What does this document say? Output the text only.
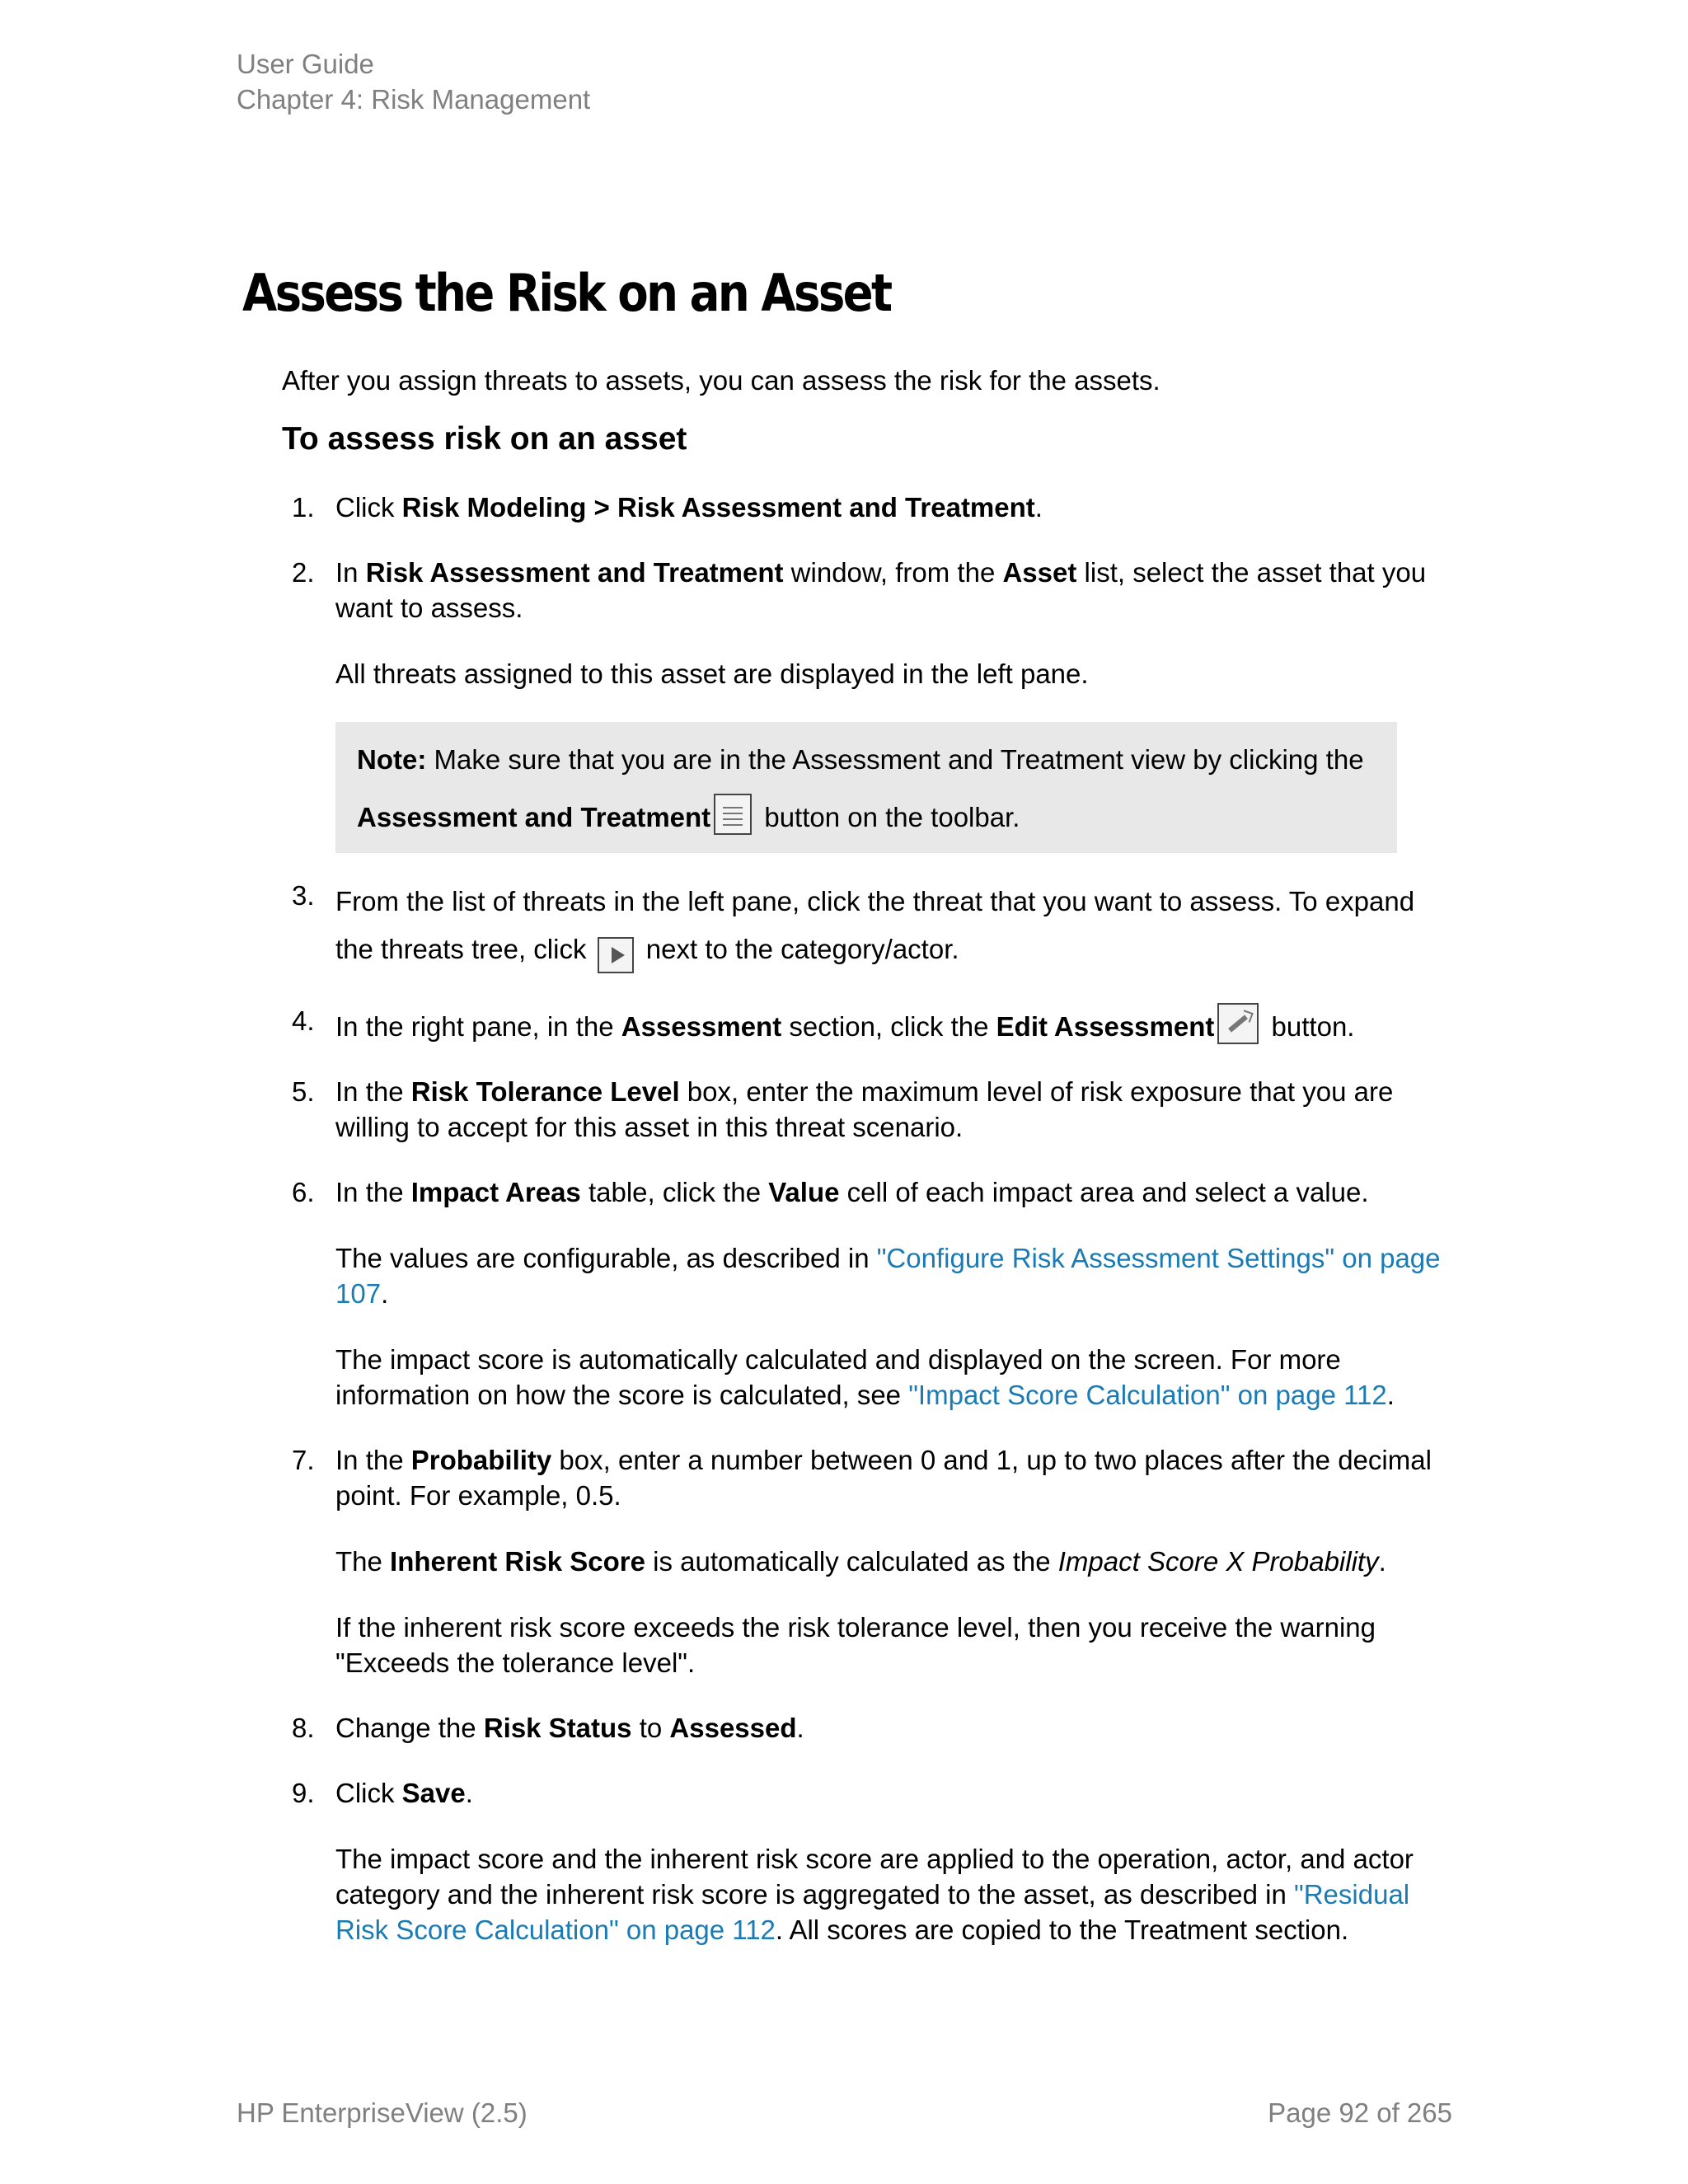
User Guide
Chapter 4: Risk Management
Assess the Risk on an Asset

After you assign threats to assets, you can assess the risk for the assets.

To assess risk on an asset
1. Click Risk Modeling > Risk Assessment and Treatment.

2. In Risk Assessment and Treatment window, from the Asset list, select the asset that you want to assess.

All threats assigned to this asset are displayed in the left pane.

Note: Make sure that you are in the Assessment and Treatment view by clicking the

Assessment and Treatment button on the toolbar.

3. From the list of threats in the left pane, click the threat that you want to assess. To expand the threats tree, click  next to the category/actor.

4. In the right pane, in the Assessment section, click the Edit Assessment button.

5. In the Risk Tolerance Level box, enter the maximum level of risk exposure that you are willing to accept for this asset in this threat scenario.

6. In the Impact Areas table, click the Value cell of each impact area and select a value.

The values are configurable, as described in "Configure Risk Assessment Settings" on page 107.

The impact score is automatically calculated and displayed on the screen. For more information on how the score is calculated, see "Impact Score Calculation" on page 112.

7. In the Probability box, enter a number between 0 and 1, up to two places after the decimal point. For example, 0.5.

The Inherent Risk Score is automatically calculated as the Impact Score X Probability.

If the inherent risk score exceeds the risk tolerance level, then you receive the warning "Exceeds the tolerance level".

8. Change the Risk Status to Assessed.

9. Click Save.

The impact score and the inherent risk score are applied to the operation, actor, and actor category and the inherent risk score is aggregated to the asset, as described in "Residual Risk Score Calculation" on page 112. All scores are copied to the Treatment section.

HP EnterpriseView (2.5)	Page 92 of 265
